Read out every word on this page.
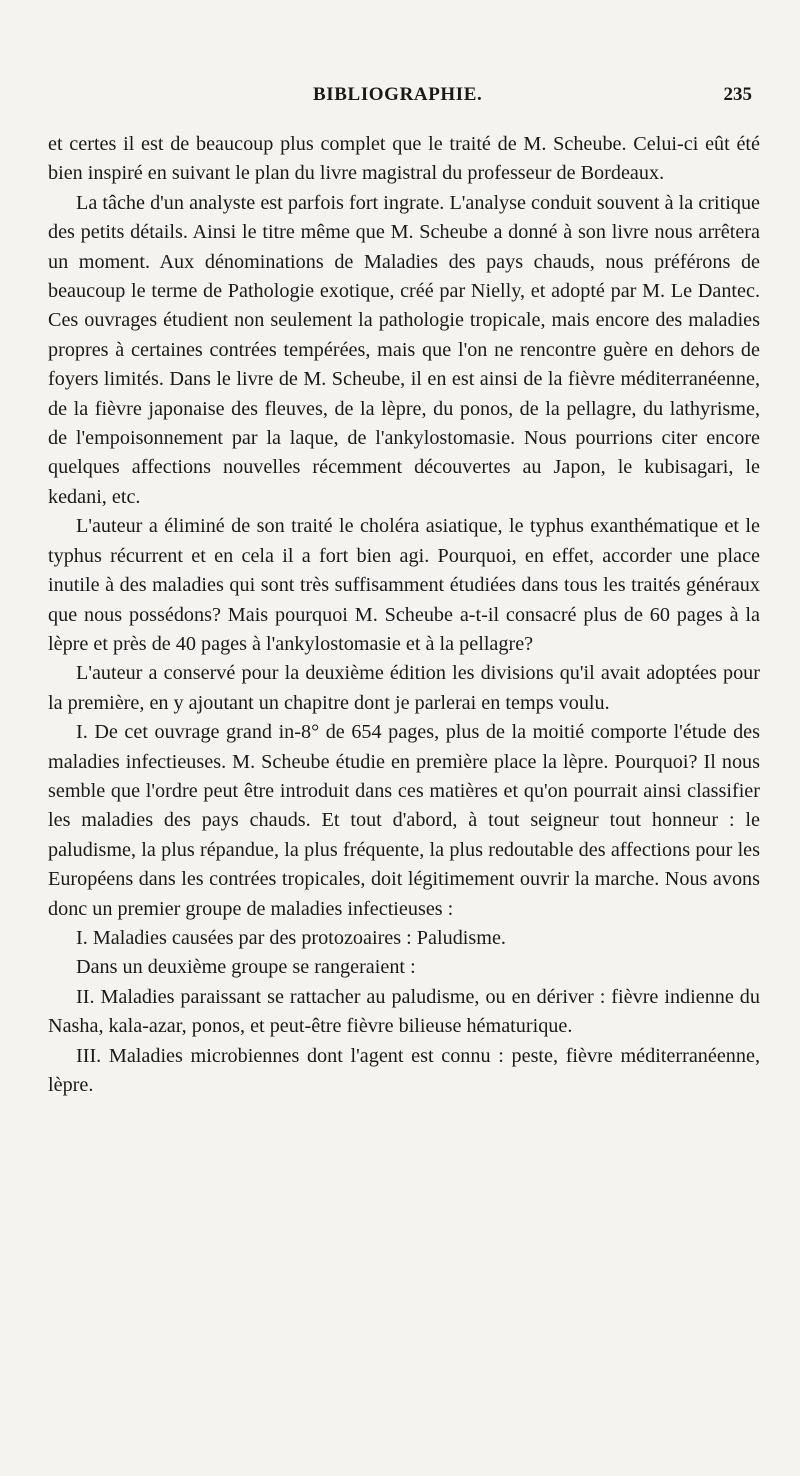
BIBLIOGRAPHIE.	235

et certes il est de beaucoup plus complet que le traité de M. Scheube. Celui-ci eût été bien inspiré en suivant le plan du livre magistral du professeur de Bordeaux.

La tâche d'un analyste est parfois fort ingrate. L'analyse conduit souvent à la critique des petits détails. Ainsi le titre même que M. Scheube a donné à son livre nous arrêtera un moment. Aux dénominations de Maladies des pays chauds, nous préférons de beaucoup le terme de Pathologie exotique, créé par Nielly, et adopté par M. Le Dantec. Ces ouvrages étudient non seulement la pathologie tropicale, mais encore des maladies propres à certaines contrées tempérées, mais que l'on ne rencontre guère en dehors de foyers limités. Dans le livre de M. Scheube, il en est ainsi de la fièvre méditerranéenne, de la fièvre japonaise des fleuves, de la lèpre, du ponos, de la pellagre, du lathyrisme, de l'empoisonnement par la laque, de l'ankylostomasie. Nous pourrions citer encore quelques affections nouvelles récemment découvertes au Japon, le kubisagari, le kedani, etc.

L'auteur a éliminé de son traité le choléra asiatique, le typhus exanthématique et le typhus récurrent et en cela il a fort bien agi. Pourquoi, en effet, accorder une place inutile à des maladies qui sont très suffisamment étudiées dans tous les traités généraux que nous possédons? Mais pourquoi M. Scheube a-t-il consacré plus de 60 pages à la lèpre et près de 40 pages à l'ankylostomasie et à la pellagre?

L'auteur a conservé pour la deuxième édition les divisions qu'il avait adoptées pour la première, en y ajoutant un chapitre dont je parlerai en temps voulu.

I. De cet ouvrage grand in-8° de 654 pages, plus de la moitié comporte l'étude des maladies infectieuses. M. Scheube étudie en première place la lèpre. Pourquoi? Il nous semble que l'ordre peut être introduit dans ces matières et qu'on pourrait ainsi classifier les maladies des pays chauds. Et tout d'abord, à tout seigneur tout honneur : le paludisme, la plus répandue, la plus fréquente, la plus redoutable des affections pour les Européens dans les contrées tropicales, doit légitimement ouvrir la marche. Nous avons donc un premier groupe de maladies infectieuses :

I. Maladies causées par des protozoaires : Paludisme.

Dans un deuxième groupe se rangeraient :

II. Maladies paraissant se rattacher au paludisme, ou en dériver : fièvre indienne du Nasha, kala-azar, ponos, et peut-être fièvre bilieuse hématurique.

III. Maladies microbiennes dont l'agent est connu : peste, fièvre méditerranéenne, lèpre.
